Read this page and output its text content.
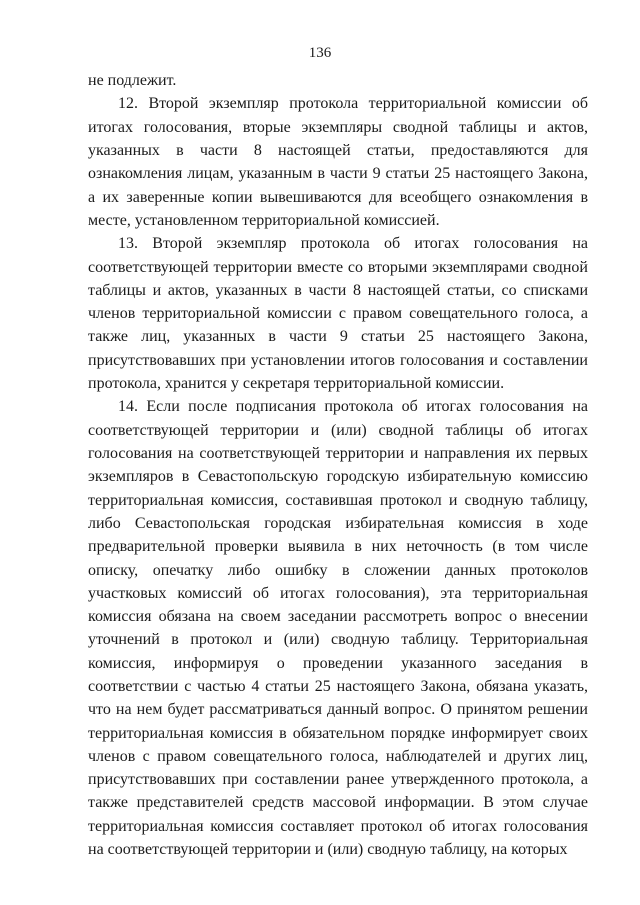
136

не подлежит.

12. Второй экземпляр протокола территориальной комиссии об итогах голосования, вторые экземпляры сводной таблицы и актов, указанных в части 8 настоящей статьи, предоставляются для ознакомления лицам, указанным в части 9 статьи 25 настоящего Закона, а их заверенные копии вывешиваются для всеобщего ознакомления в месте, установленном территориальной комиссией.

13. Второй экземпляр протокола об итогах голосования на соответствующей территории вместе со вторыми экземплярами сводной таблицы и актов, указанных в части 8 настоящей статьи, со списками членов территориальной комиссии с правом совещательного голоса, а также лиц, указанных в части 9 статьи 25 настоящего Закона, присутствовавших при установлении итогов голосования и составлении протокола, хранится у секретаря территориальной комиссии.

14. Если после подписания протокола об итогах голосования на соответствующей территории и (или) сводной таблицы об итогах голосования на соответствующей территории и направления их первых экземпляров в Севастопольскую городскую избирательную комиссию территориальная комиссия, составившая протокол и сводную таблицу, либо Севастопольская городская избирательная комиссия в ходе предварительной проверки выявила в них неточность (в том числе описку, опечатку либо ошибку в сложении данных протоколов участковых комиссий об итогах голосования), эта территориальная комиссия обязана на своем заседании рассмотреть вопрос о внесении уточнений в протокол и (или) сводную таблицу. Территориальная комиссия, информируя о проведении указанного заседания в соответствии с частью 4 статьи 25 настоящего Закона, обязана указать, что на нем будет рассматриваться данный вопрос. О принятом решении территориальная комиссия в обязательном порядке информирует своих членов с правом совещательного голоса, наблюдателей и других лиц, присутствовавших при составлении ранее утвержденного протокола, а также представителей средств массовой информации. В этом случае территориальная комиссия составляет протокол об итогах голосования на соответствующей территории и (или) сводную таблицу, на которых
